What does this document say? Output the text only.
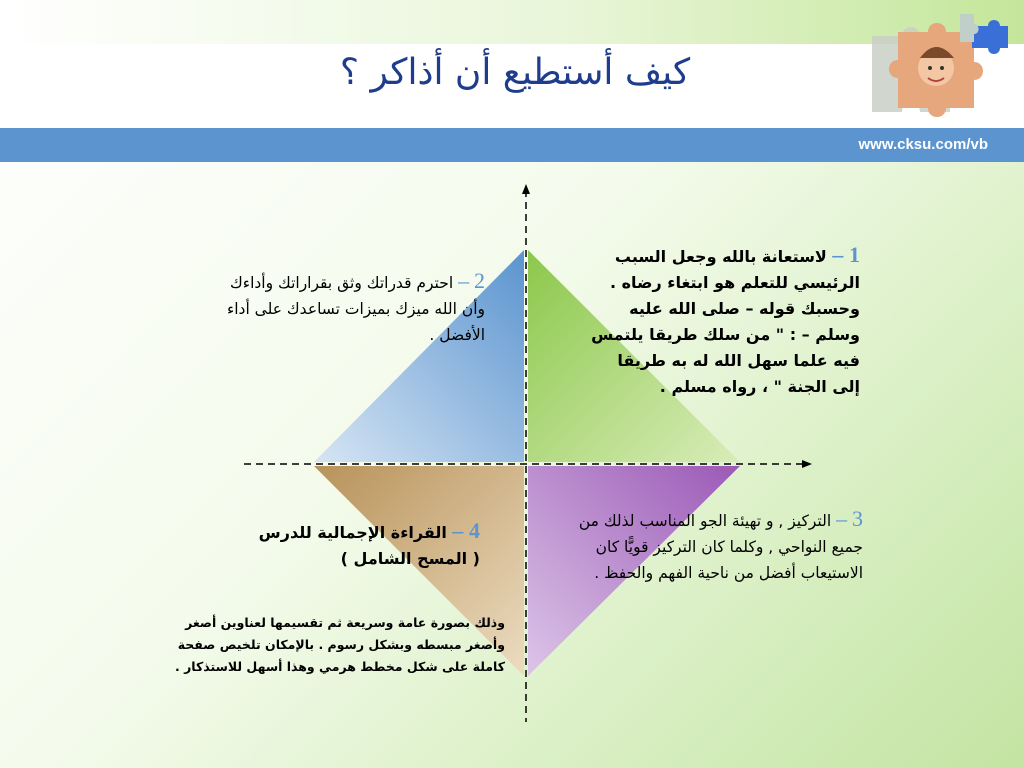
كيف أستطيع أن أذاكر ؟
www.cksu.com/vb
1 – لاستعانة بالله وجعل السبب الرئيسي للتعلم هو ابتغاء رضاه . وحسبك قوله – صلى الله عليه وسلم – : " من سلك طريقا يلتمس فيه علما سهل الله له به طريقا إلى الجنة " ، رواه مسلم .
2 – احترم قدراتك وثق بقراراتك وأداءك وأن الله ميزك بميزات تساعدك على أداء الأفضل .
3 – التركيز , و تهيئة الجو المناسب لذلك من جميع النواحي , وكلما كان التركيز قويًّا كان الاستيعاب أفضل من ناحية الفهم والحفظ .
4 – القراءة الإجمالية للدرس
( المسح الشامل )
وذلك بصورة عامة وسريعة ثم تقسيمها لعناوين أصغر وأصغر مبسطه وبشكل رسوم . بالإمكان تلخيص صفحة كاملة على شكل مخطط هرمي وهذا أسهل للاستذكار .
